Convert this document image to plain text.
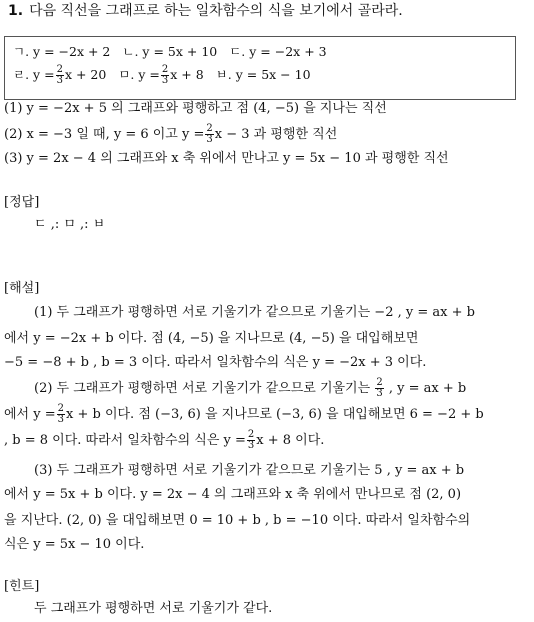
1. 다음 직선을 그래프로 하는 일차함수의 식을 보기에서 골라라.
ㄱ. y = −2x + 2 ㄴ. y = 5x + 10 ㄷ. y = −2x + 3
ㄹ. $y = \frac{2}{3}$ x + 20 ㅁ. $y = \frac{2}{3}$ x + 8 ㅂ. y = 5x − 10
(1) y = −2x + 5 의 그래프와 평행하고 점 (4, −5) 을 지나는 직선
(2) x = −3 일 때, y = 6 이고 $y = \frac{2}{3}$ x − 3 과 평행한 직선
(3) y = 2x − 4 의 그래프와 x 축 위에서 만나고 y = 5x − 10 과 평행한 직선
[정답]
ㄷ ,: ㅁ ,: ㅂ
[해설]
(1) 두 그래프가 평행하면 서로 기울기가 같으므로 기울기는 −2 , y = ax + b
에서 y = −2x + b 이다. 점 (4, −5) 을 지나므로 (4, −5) 을 대입해보면
−5 = −8 + b , b = 3 이다. 따라서 일차함수의 식은 y = −2x + 3 이다.
(2) 두 그래프가 평행하면 서로 기울기가 같으므로 기울기는 $\frac{2}{3}$ , y = ax + b
에서 $y = \frac{2}{3}$ x + b 이다. 점 (−3, 6) 을 지나므로 (−3, 6) 을 대입해보면 6 = −2 + b
, b = 8 이다. 따라서 일차함수의 식은 $y = \frac{2}{3}$ x + 8 이다.
(3) 두 그래프가 평행하면 서로 기울기가 같으므로 기울기는 5 , y = ax + b
에서 y = 5x + b 이다. y = 2x − 4 의 그래프와 x 축 위에서 만나므로 점 (2, 0)
을 지난다. (2, 0) 을 대입해보면 0 = 10 + b , b = −10 이다. 따라서 일차함수의
식은 y = 5x − 10 이다.
[힌트]
두 그래프가 평행하면 서로 기울기가 같다.
